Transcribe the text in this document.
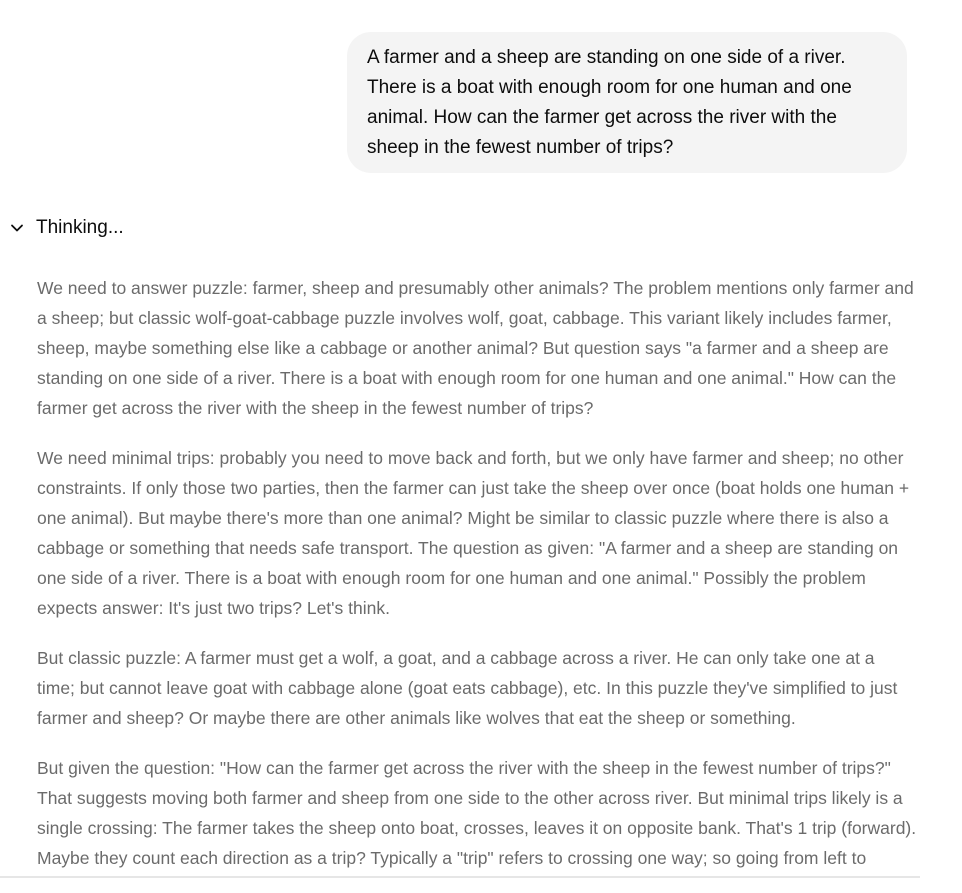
A farmer and a sheep are standing on one side of a river. There is a boat with enough room for one human and one animal. How can the farmer get across the river with the sheep in the fewest number of trips?
Thinking...

We need to answer puzzle: farmer, sheep and presumably other animals? The problem mentions only farmer and a sheep; but classic wolf-goat-cabbage puzzle involves wolf, goat, cabbage. This variant likely includes farmer, sheep, maybe something else like a cabbage or another animal? But question says "a farmer and a sheep are standing on one side of a river. There is a boat with enough room for one human and one animal." How can the farmer get across the river with the sheep in the fewest number of trips?

We need minimal trips: probably you need to move back and forth, but we only have farmer and sheep; no other constraints. If only those two parties, then the farmer can just take the sheep over once (boat holds one human + one animal). But maybe there's more than one animal? Might be similar to classic puzzle where there is also a cabbage or something that needs safe transport. The question as given: "A farmer and a sheep are standing on one side of a river. There is a boat with enough room for one human and one animal." Possibly the problem expects answer: It's just two trips? Let's think.

But classic puzzle: A farmer must get a wolf, a goat, and a cabbage across a river. He can only take one at a time; but cannot leave goat with cabbage alone (goat eats cabbage), etc. In this puzzle they've simplified to just farmer and sheep? Or maybe there are other animals like wolves that eat the sheep or something.

But given the question: "How can the farmer get across the river with the sheep in the fewest number of trips?" That suggests moving both farmer and sheep from one side to the other across river. But minimal trips likely is a single crossing: The farmer takes the sheep onto boat, crosses, leaves it on opposite bank. That's 1 trip (forward). Maybe they count each direction as a trip? Typically a "trip" refers to crossing one way; so going from left to
